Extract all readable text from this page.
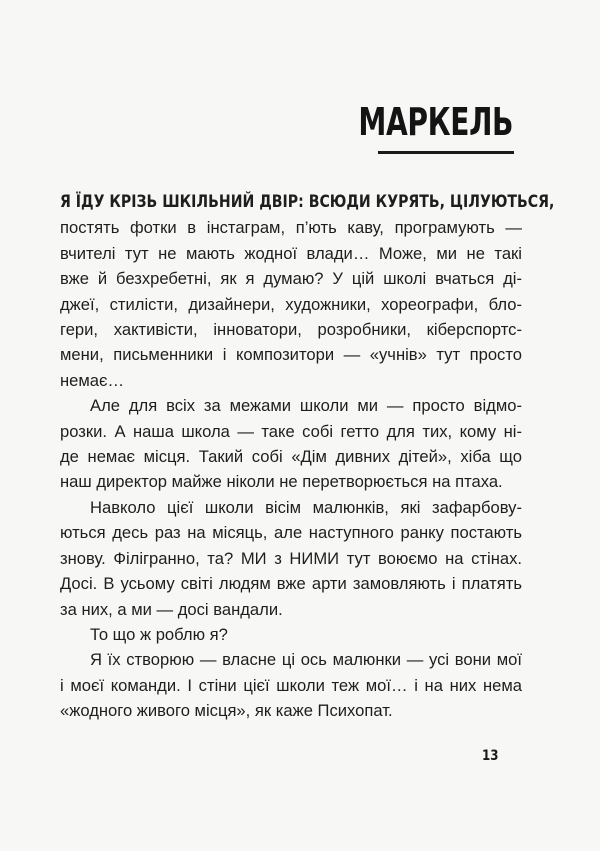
МАРКЕЛЬ

Я ЇДУ КРІЗЬ ШКІЛЬНИЙ ДВІР: ВСЮДИ КУРЯТЬ, ЦІЛУЮТЬСЯ,
постять фотки в інстаграм, п’ють каву, програмують —
вчителі тут не мають жодної влади… Може, ми не такі
вже й безхребетні, як я думаю? У цій школі вчаться ді-
джеї, стилісти, дизайнери, художники, хореографи, бло-
гери, хактивісти, інноватори, розробники, кіберспортс-
мени, письменники і композитори — «учнів» тут просто
немає…

Але для всіх за межами школи ми — просто відмо-
розки. А наша школа — таке собі гетто для тих, кому ні-
де немає місця. Такий собі «Дім дивних дітей», хіба що
наш директор майже ніколи не перетворюється на птаха.

Навколо цієї школи вісім малюнків, які зафарбову-
ються десь раз на місяць, але наступного ранку постають
знову. Філігранно, та? МИ з НИМИ тут воюємо на стінах.
Досі. В усьому світі людям вже арти замовляють і платять
за них, а ми — досі вандали.

То що ж роблю я?

Я їх створюю — власне ці ось малюнки — усі вони мої
і моєї команди. І стіни цієї школи теж мої… і на них нема
«жодного живого місця», як каже Психопат.

13
